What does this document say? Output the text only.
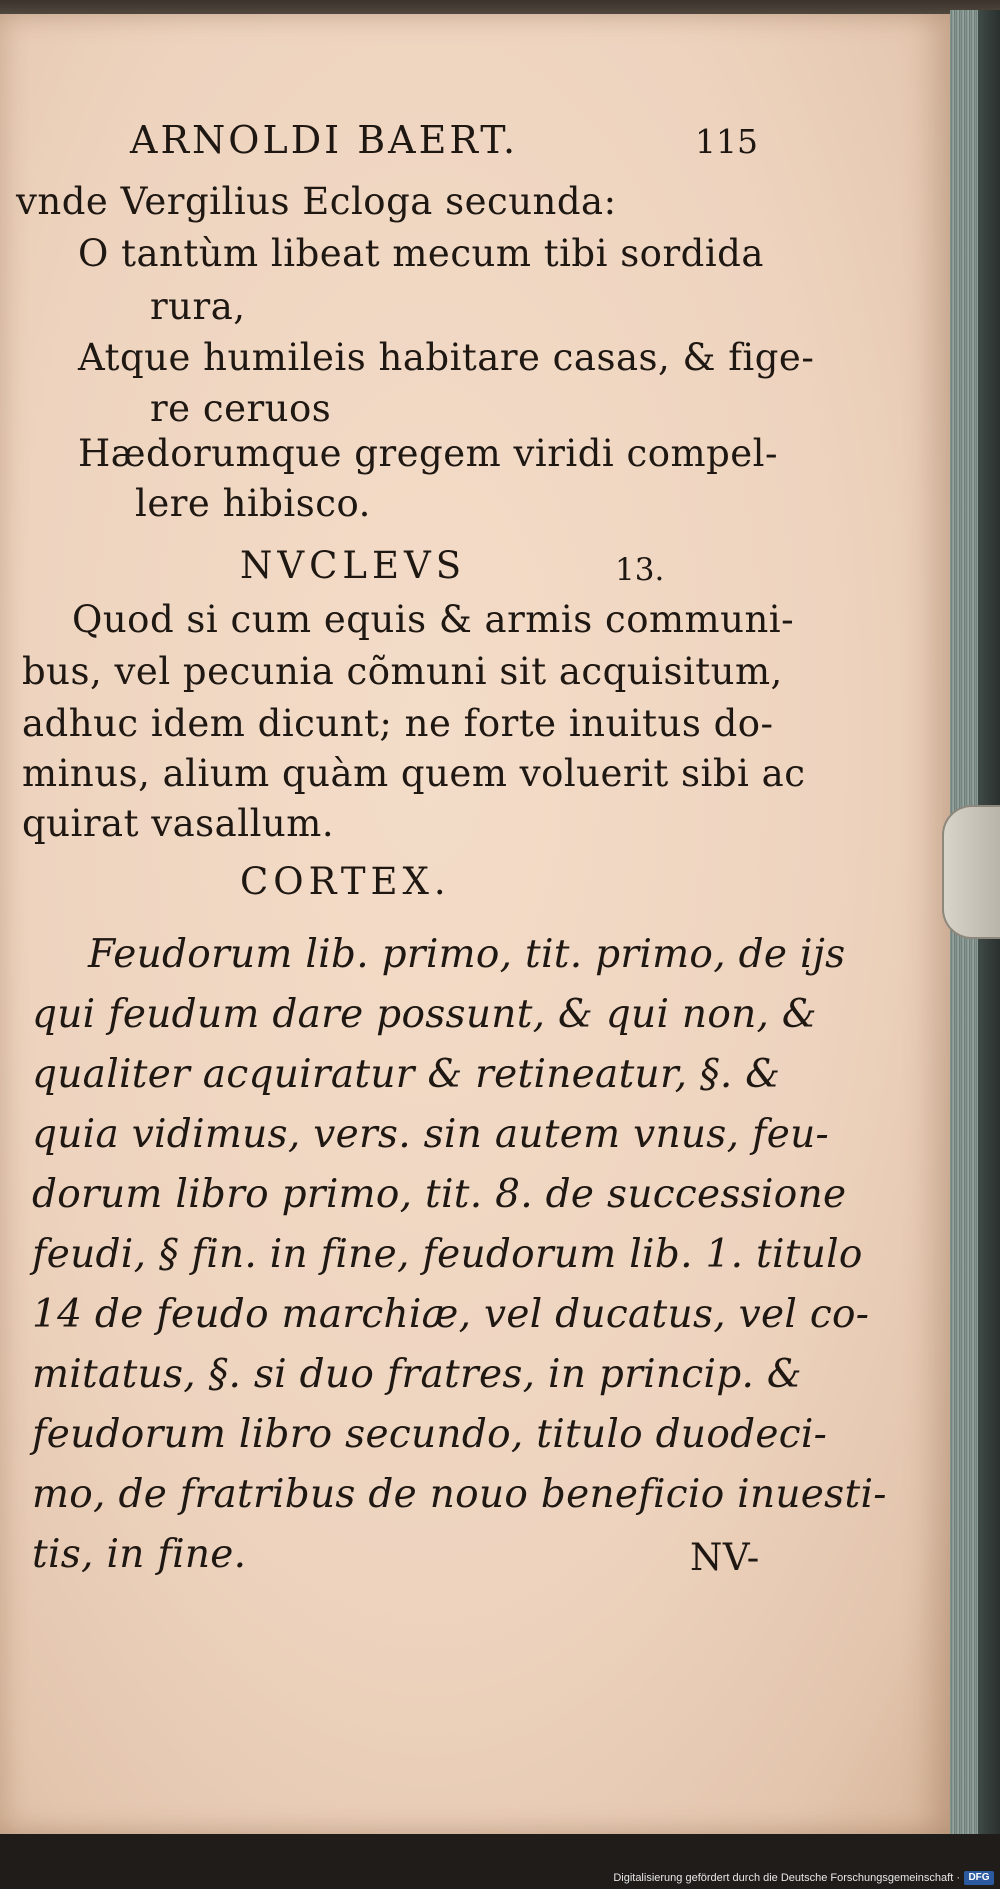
ARNOLDI BAERT.	115
vnde Vergilius Ecloga secunda:
O tantùm libeat mecum tibi sordida
rura,
Atque humileis habitare casas, & fige-
re ceruos
Hædorumque gregem viridi compel-
lere hibisco.
NVCLEVS	13.
Quod si cum equis & armis communi-
bus, vel pecunia cõmuni sit acquisitum,
adhuc idem dicunt; ne forte inuitus do-
minus, alium quàm quem voluerit sibi ac
quirat vasallum.
CORTEX.
Feudorum lib. primo, tit. primo, de ijs
qui feudum dare possunt, & qui non, &
qualiter acquiratur & retineatur, §. &
quia vidimus, vers. sin autem vnus, feu-
dorum libro primo, tit. 8. de successione
feudi, § fin. in fine, feudorum lib. 1. titulo
14 de feudo marchiæ, vel ducatus, vel co-
mitatus, §. si duo fratres, in princip. &
feudorum libro secundo, titulo duodeci-
mo, de fratribus de nouo beneficio inuesti-
tis, in fine.	NV-
Digitalisierung gefördert durch die Deutsche Forschungsgemeinschaft · DFG
